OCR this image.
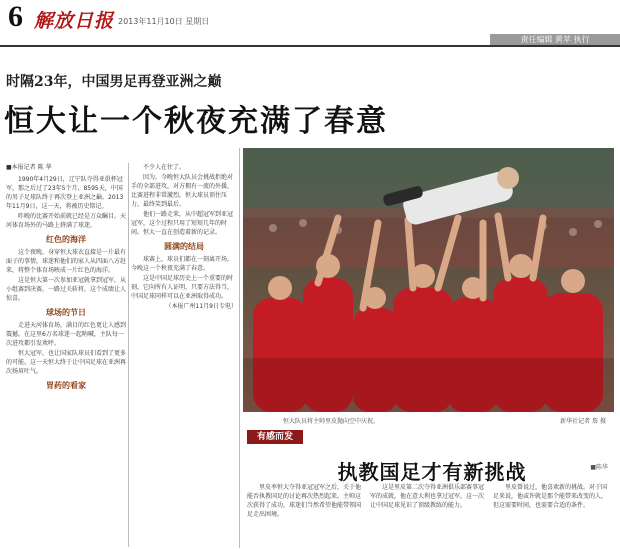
6 解放日报 2013年11月10日 星期日
责任编辑 黄苹 执行
时隔23年，中国男足再登亚洲之巅
恒大让一个秋夜充满了春意

■本报记者 陈 华

1990年4月29日，辽宁队夺得亚俱杯冠军，那之后过了23年5个月，8595天，中国的男子足球队终于再次登上亚洲之巅。2013年11月9日，这一天，将被历史铭记。

昨晚的比赛开始前就已经是万众瞩目。天河体育场外的马路上挤满了球迷，

红色的海洋

这个夜晚，身穿恒大球衣直接是一片最有面子的事情，球迷和他们的家人从四面八方赶来，将整个体育场映成一片红色的海洋。

这是恒大第一次参加亚冠就拿到冠军，从小组赛到决赛，一路过关斩将，这个成绩让人惊喜。

球场的节日

走进天河体育场，满目的红色更让人感到震撼。在这里6万名球迷一起呐喊，主队每一次进攻都引发欢呼。

恒大冠军，也让国家队球员们看到了更多的可能。这一天恒大终于让中国足球在亚洲再次扬眉吐气。

胃药的看家

不少人在往了。

因为，今晚恒大队员会挑战拒绝对手的全部进攻，对方拥有一流的外援，比赛进程非常激烈。恒大球员顶住压力，最终笑到最后。

他们一路走来，从中超冠军到亚冠冠军，这个过程只用了短短几年的时间。恒大一直在创造着新的记录。

圆满的结局

球赛上，球员们都在一刻离开场，今晚这一个秋夜充满了春意。

这是中国足球历史上一个重要的时刻，它向所有人证明，只要方法得当，中国足球同样可以在亚洲取得成功。

（本报广州11月9日专电）

恒大队员将主帅里皮抛向空中庆祝。	新华社记者 詹 摄
有感而发
执教国足才有新挑战	■陈华

里皮率恒大夺得亚冠冠军之后，关于他能否执教国足的讨论再次热烈起来。主帅这次获得了成功，球迷们当然希望他能带领国足走出困境。

这是里皮第二次夺得亚洲俱乐部赛事冠军的成就，他在意大利也拿过冠军，这一次让中国足球见识了顶级教练的能力。

里皮曾说过，他喜欢新的挑战。对于国足来说，他或许就是那个能带来改变的人，但这需要时间，也需要合适的条件。
